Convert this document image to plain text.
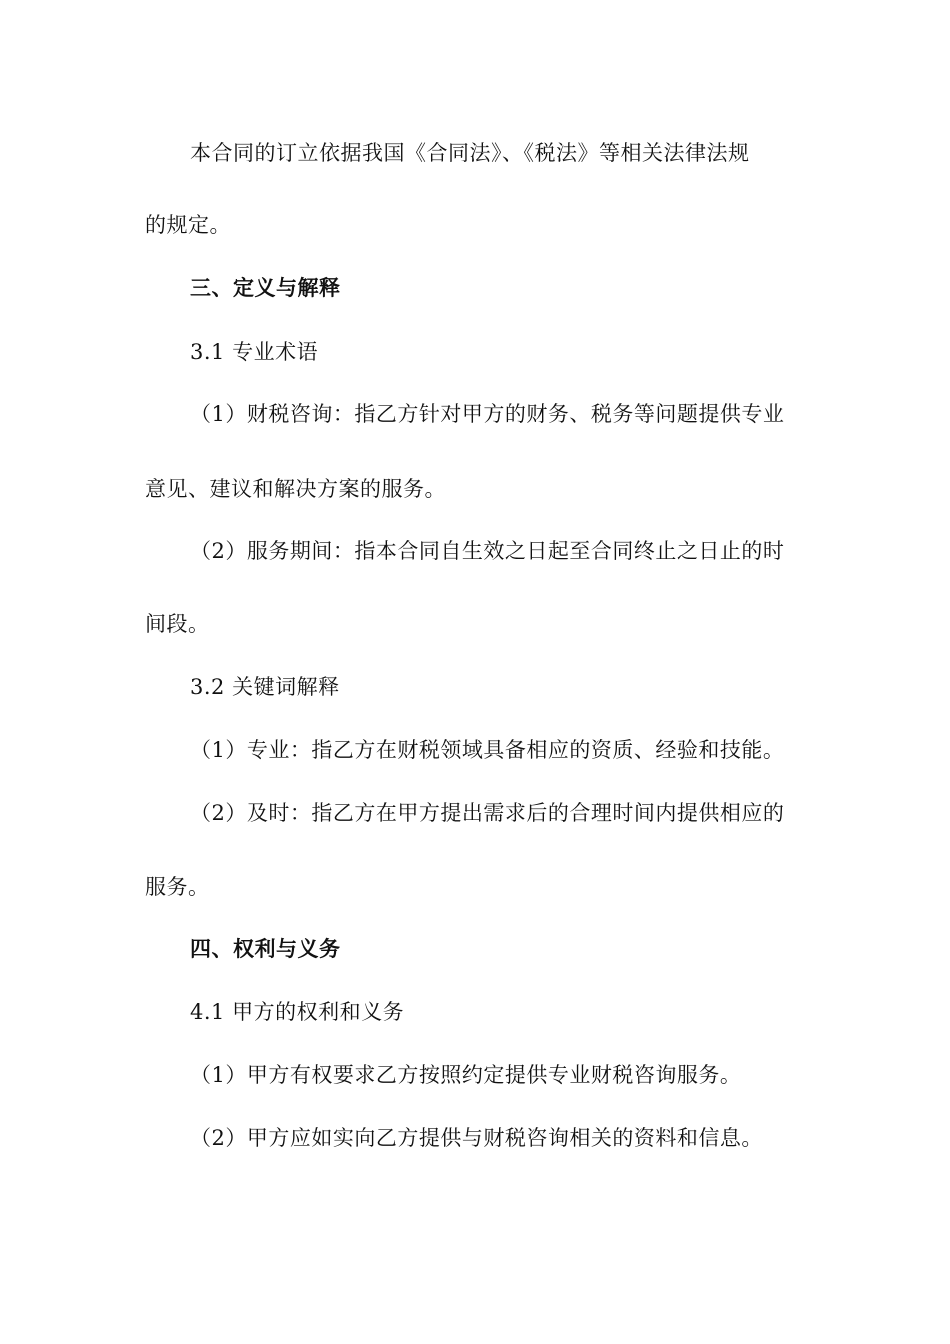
本合同的订立依据我国《合同法》、《税法》等相关法律法规
的规定。
三、定义与解释
3.1 专业术语
（1）财税咨询：指乙方针对甲方的财务、税务等问题提供专业
意见、建议和解决方案的服务。
（2）服务期间：指本合同自生效之日起至合同终止之日止的时
间段。
3.2 关键词解释
（1）专业：指乙方在财税领域具备相应的资质、经验和技能。
（2）及时：指乙方在甲方提出需求后的合理时间内提供相应的
服务。
四、权利与义务
4.1 甲方的权利和义务
（1）甲方有权要求乙方按照约定提供专业财税咨询服务。
（2）甲方应如实向乙方提供与财税咨询相关的资料和信息。
